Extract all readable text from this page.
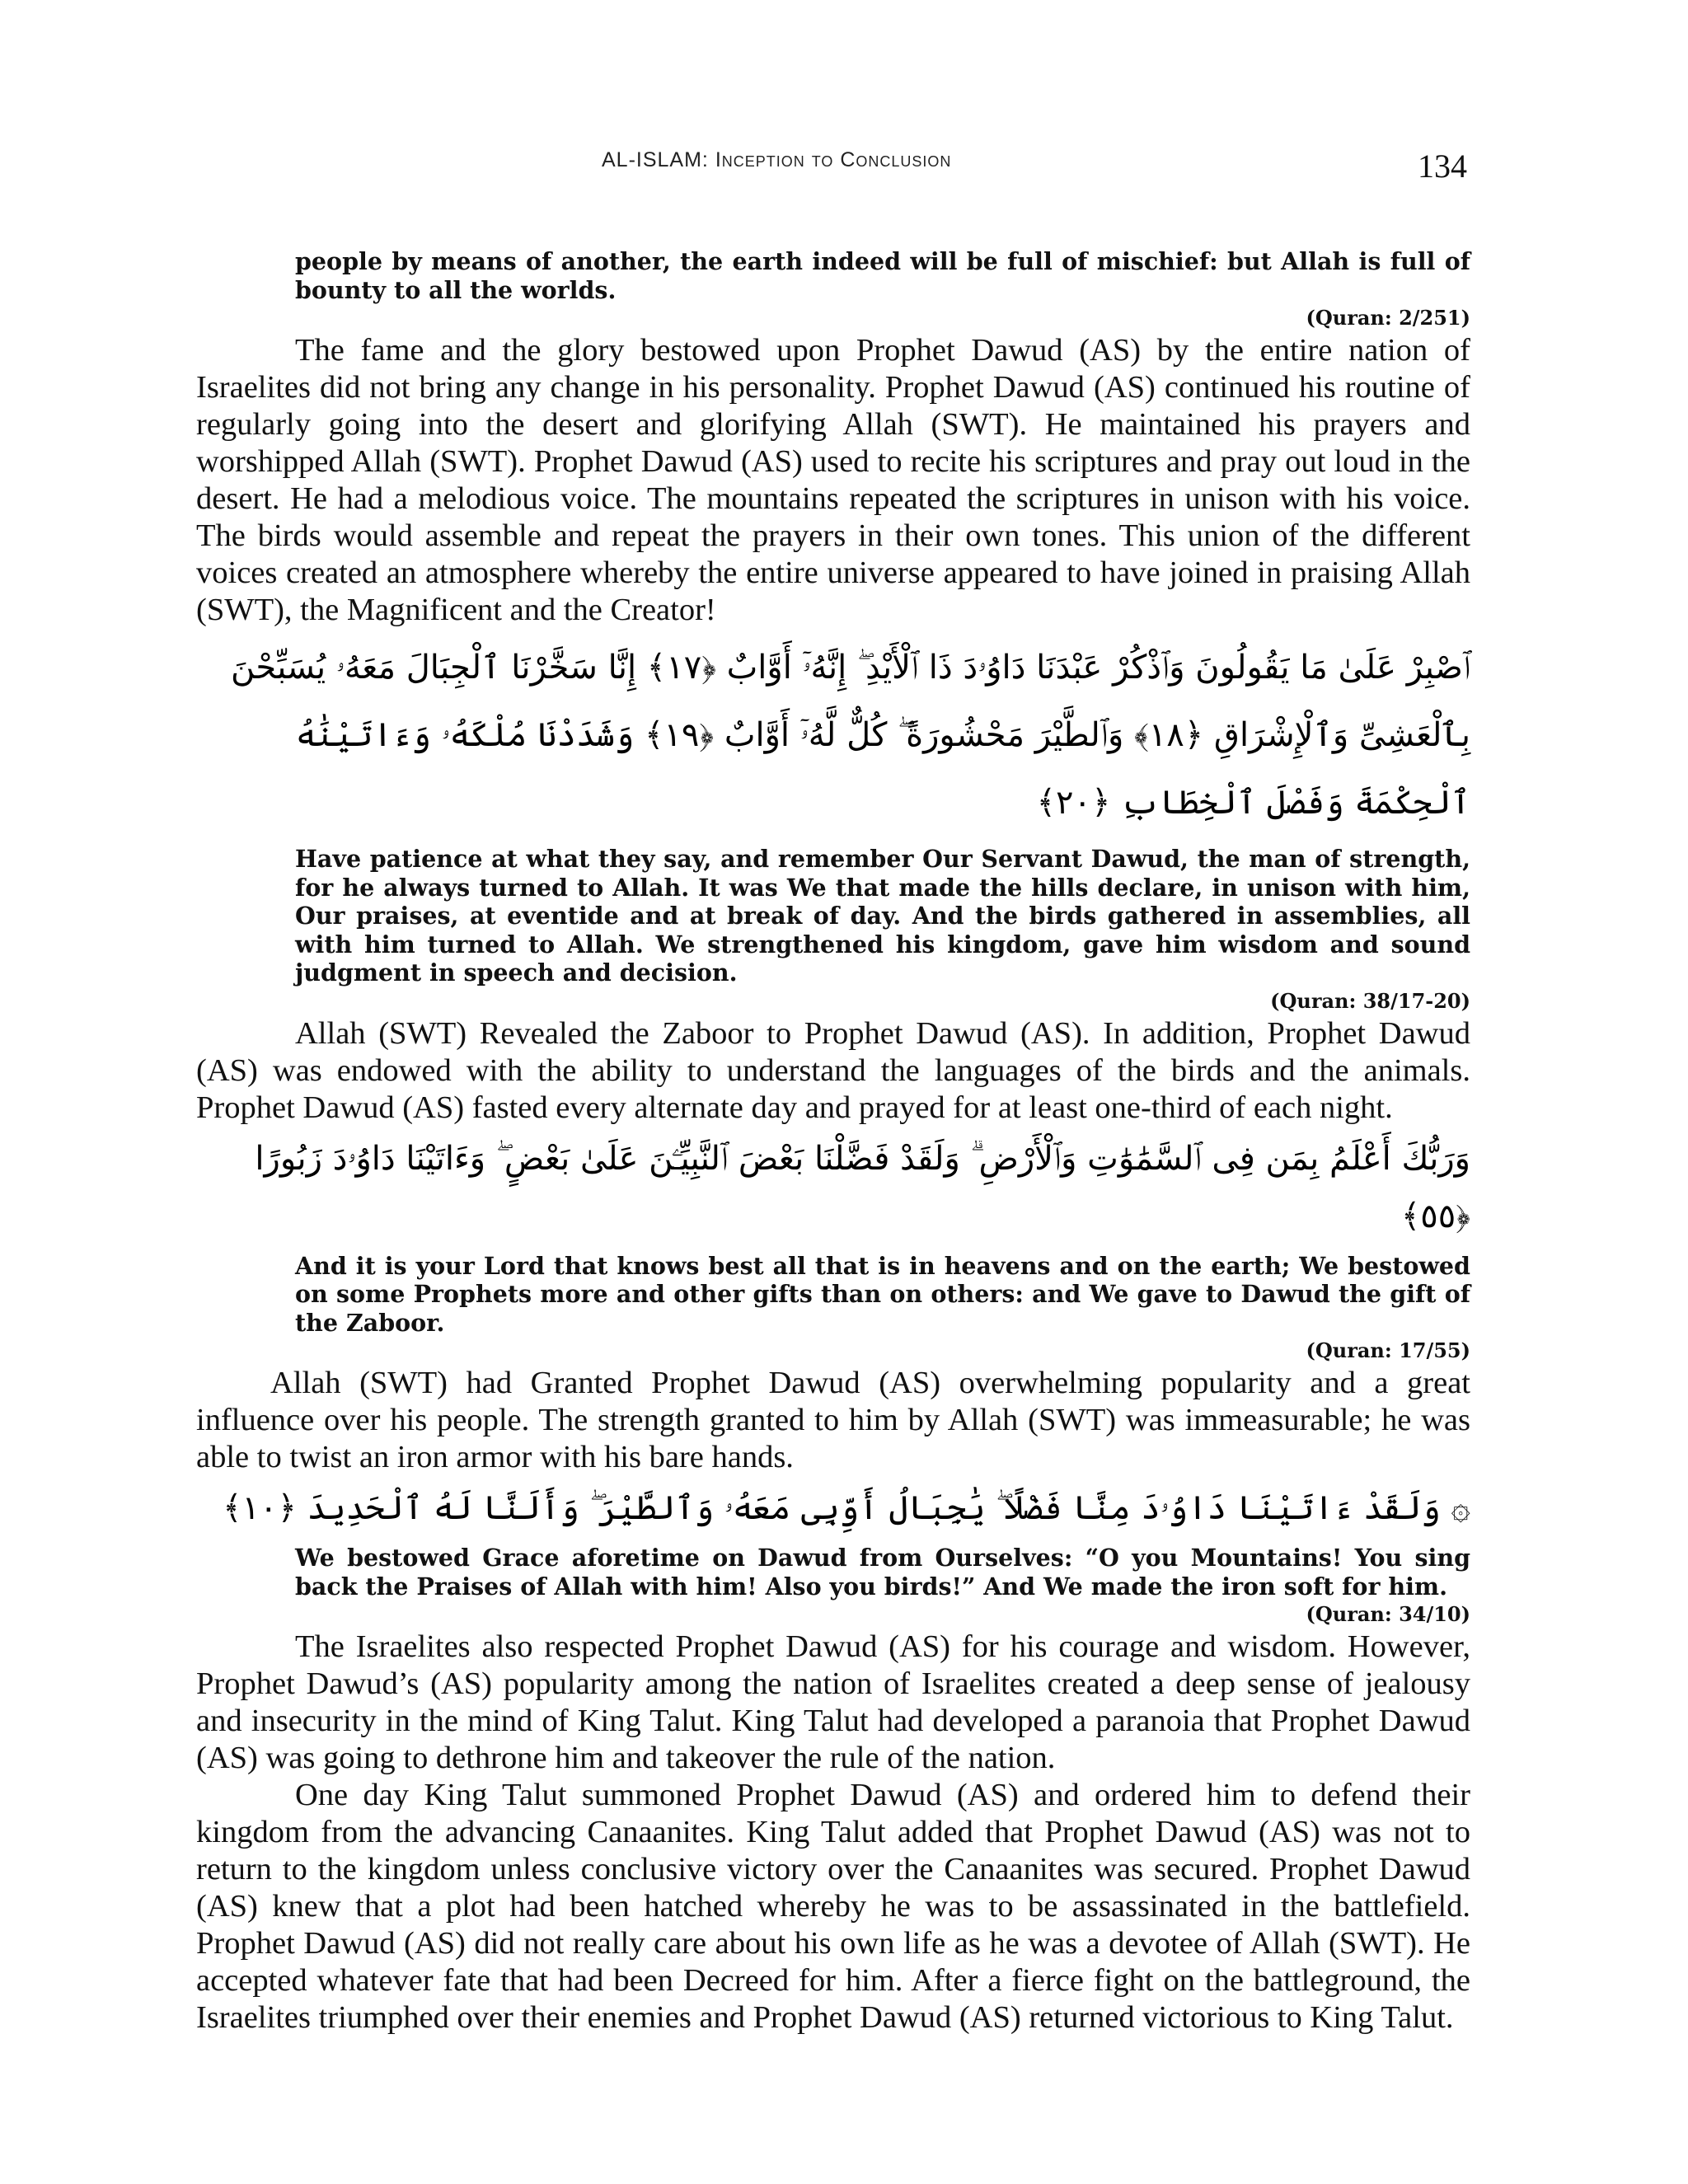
AL-ISLAM: Inception to Conclusion	134

people by means of another, the earth indeed will be full of mischief: but Allah is full of bounty to all the worlds.

(Quran: 2/251)

The fame and the glory bestowed upon Prophet Dawud (AS) by the entire nation of Israelites did not bring any change in his personality. Prophet Dawud (AS) continued his routine of regularly going into the desert and glorifying Allah (SWT). He maintained his prayers and worshipped Allah (SWT). Prophet Dawud (AS) used to recite his scriptures and pray out loud in the desert. He had a melodious voice. The mountains repeated the scriptures in unison with his voice. The birds would assemble and repeat the prayers in their own tones. This union of the different voices created an atmosphere whereby the entire universe appeared to have joined in praising Allah (SWT), the Magnificent and the Creator!

ٱصْبِرْ عَلَىٰ مَا يَقُولُونَ وَٱذْكُرْ عَبْدَنَا دَاوُۥدَ ذَا ٱلْأَيْدِ ۖ إِنَّهُۥٓ أَوَّابٌ ﴿١٧﴾ إِنَّا سَخَّرْنَا ٱلْجِبَالَ مَعَهُۥ يُسَبِّحْنَ بِٱلْعَشِىِّ وَٱلْإِشْرَاقِ ﴿١٨﴾ وَٱلطَّيْرَ مَحْشُورَةً ۖ كُلٌّ لَّهُۥٓ أَوَّابٌ ﴿١٩﴾ وَشَدَدْنَا مُلْكَهُۥ وَءَاتَيْنَٰهُ ٱلْحِكْمَةَ وَفَصْلَ ٱلْخِطَابِ ﴿٢٠﴾

Have patience at what they say, and remember Our Servant Dawud, the man of strength, for he always turned to Allah. It was We that made the hills declare, in unison with him, Our praises, at eventide and at break of day. And the birds gathered in assemblies, all with him turned to Allah. We strengthened his kingdom, gave him wisdom and sound judgment in speech and decision.

(Quran: 38/17-20)

Allah (SWT) Revealed the Zaboor to Prophet Dawud (AS). In addition, Prophet Dawud (AS) was endowed with the ability to understand the languages of the birds and the animals. Prophet Dawud (AS) fasted every alternate day and prayed for at least one-third of each night.

وَرَبُّكَ أَعْلَمُ بِمَن فِى ٱلسَّمَٰوَٰتِ وَٱلْأَرْضِ ۗ وَلَقَدْ فَضَّلْنَا بَعْضَ ٱلنَّبِيِّـۧنَ عَلَىٰ بَعْضٍ ۖ وَءَاتَيْنَا دَاوُۥدَ زَبُورًا ﴿٥٥﴾

And it is your Lord that knows best all that is in heavens and on the earth; We bestowed on some Prophets more and other gifts than on others: and We gave to Dawud the gift of the Zaboor.

(Quran: 17/55)

Allah (SWT) had Granted Prophet Dawud (AS) overwhelming popularity and a great influence over his people. The strength granted to him by Allah (SWT) was immeasurable; he was able to twist an iron armor with his bare hands.

۞ وَلَقَدْ ءَاتَيْنَا دَاوُۥدَ مِنَّا فَضْلًا ۖ يَٰجِبَالُ أَوِّبِى مَعَهُۥ وَٱلطَّيْرَ ۖ وَأَلَنَّا لَهُ ٱلْحَدِيدَ ﴿١٠﴾

We bestowed Grace aforetime on Dawud from Ourselves: “O you Mountains! You sing back the Praises of Allah with him! Also you birds!” And We made the iron soft for him.

(Quran: 34/10)

The Israelites also respected Prophet Dawud (AS) for his courage and wisdom. However, Prophet Dawud’s (AS) popularity among the nation of Israelites created a deep sense of jealousy and insecurity in the mind of King Talut. King Talut had developed a paranoia that Prophet Dawud (AS) was going to dethrone him and takeover the rule of the nation.

One day King Talut summoned Prophet Dawud (AS) and ordered him to defend their kingdom from the advancing Canaanites. King Talut added that Prophet Dawud (AS) was not to return to the kingdom unless conclusive victory over the Canaanites was secured. Prophet Dawud (AS) knew that a plot had been hatched whereby he was to be assassinated in the battlefield. Prophet Dawud (AS) did not really care about his own life as he was a devotee of Allah (SWT). He accepted whatever fate that had been Decreed for him. After a fierce fight on the battleground, the Israelites triumphed over their enemies and Prophet Dawud (AS) returned victorious to King Talut.
